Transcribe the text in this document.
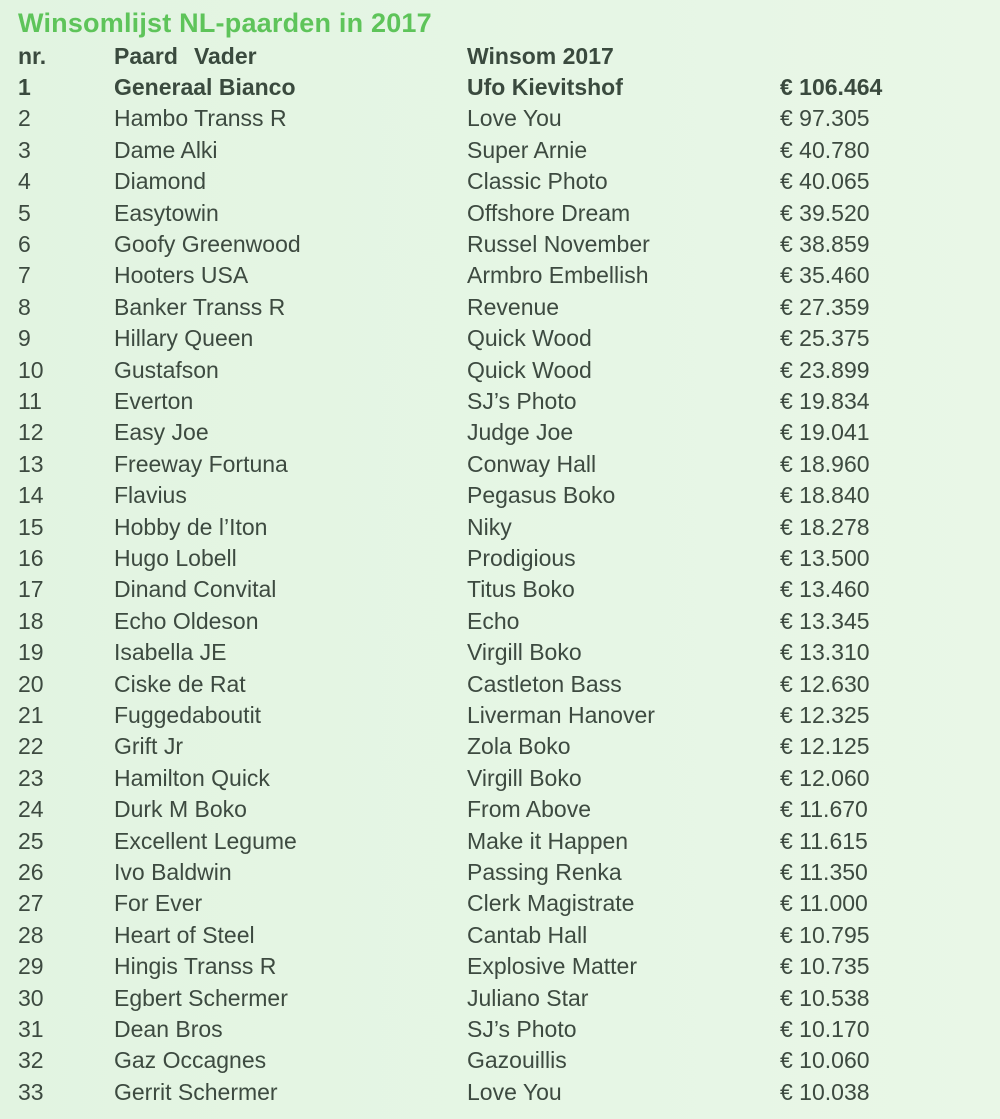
Winsomlijst NL-paarden in 2017
nr.	Paard Vader	Winsom 2017
1	Generaal Bianco	Ufo Kievitshof	€ 106.464
2	Hambo Transs R	Love You	€ 97.305
3	Dame Alki	Super Arnie	€ 40.780
4	Diamond	Classic Photo	€ 40.065
5	Easytowin	Offshore Dream	€ 39.520
6	Goofy Greenwood	Russel November	€ 38.859
7	Hooters USA	Armbro Embellish	€ 35.460
8	Banker Transs R	Revenue	€ 27.359
9	Hillary Queen	Quick Wood	€ 25.375
10	Gustafson	Quick Wood	€ 23.899
11	Everton	SJ’s Photo	€ 19.834
12	Easy Joe	Judge Joe	€ 19.041
13	Freeway Fortuna	Conway Hall	€ 18.960
14	Flavius	Pegasus Boko	€ 18.840
15	Hobby de l’Iton	Niky	€ 18.278
16	Hugo Lobell	Prodigious	€ 13.500
17	Dinand Convital	Titus Boko	€ 13.460
18	Echo Oldeson	Echo	€ 13.345
19	Isabella JE	Virgill Boko	€ 13.310
20	Ciske de Rat	Castleton Bass	€ 12.630
21	Fuggedaboutit	Liverman Hanover	€ 12.325
22	Grift Jr	Zola Boko	€ 12.125
23	Hamilton Quick	Virgill Boko	€ 12.060
24	Durk M Boko	From Above	€ 11.670
25	Excellent Legume	Make it Happen	€ 11.615
26	Ivo Baldwin	Passing Renka	€ 11.350
27	For Ever	Clerk Magistrate	€ 11.000
28	Heart of Steel	Cantab Hall	€ 10.795
29	Hingis Transs R	Explosive Matter	€ 10.735
30	Egbert Schermer	Juliano Star	€ 10.538
31	Dean Bros	SJ’s Photo	€ 10.170
32	Gaz Occagnes	Gazouillis	€ 10.060
33	Gerrit Schermer	Love You	€ 10.038
